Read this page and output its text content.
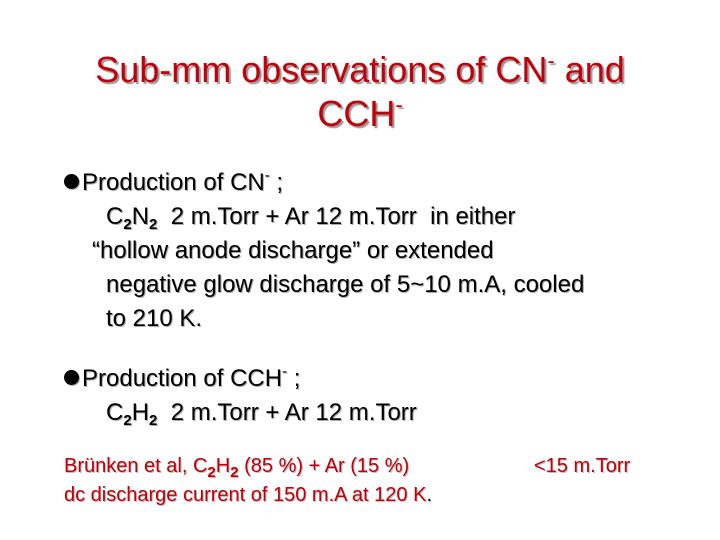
Sub-mm observations of CN- and
CCH-
Production of CN- ;
$C_2N_2$  2 m.Torr + Ar 12 m.Torr  in either
“hollow anode discharge” or extended
negative glow discharge of 5~10 m.A, cooled
to 210 K.
Production of CCH- ;
$C_2H_2$  2 m.Torr + Ar 12 m.Torr
Brünken et al, $C_2H_2$ (85 %) + Ar (15 %)
dc discharge current of 150 m.A at 120 K.
<15 m.Torr
